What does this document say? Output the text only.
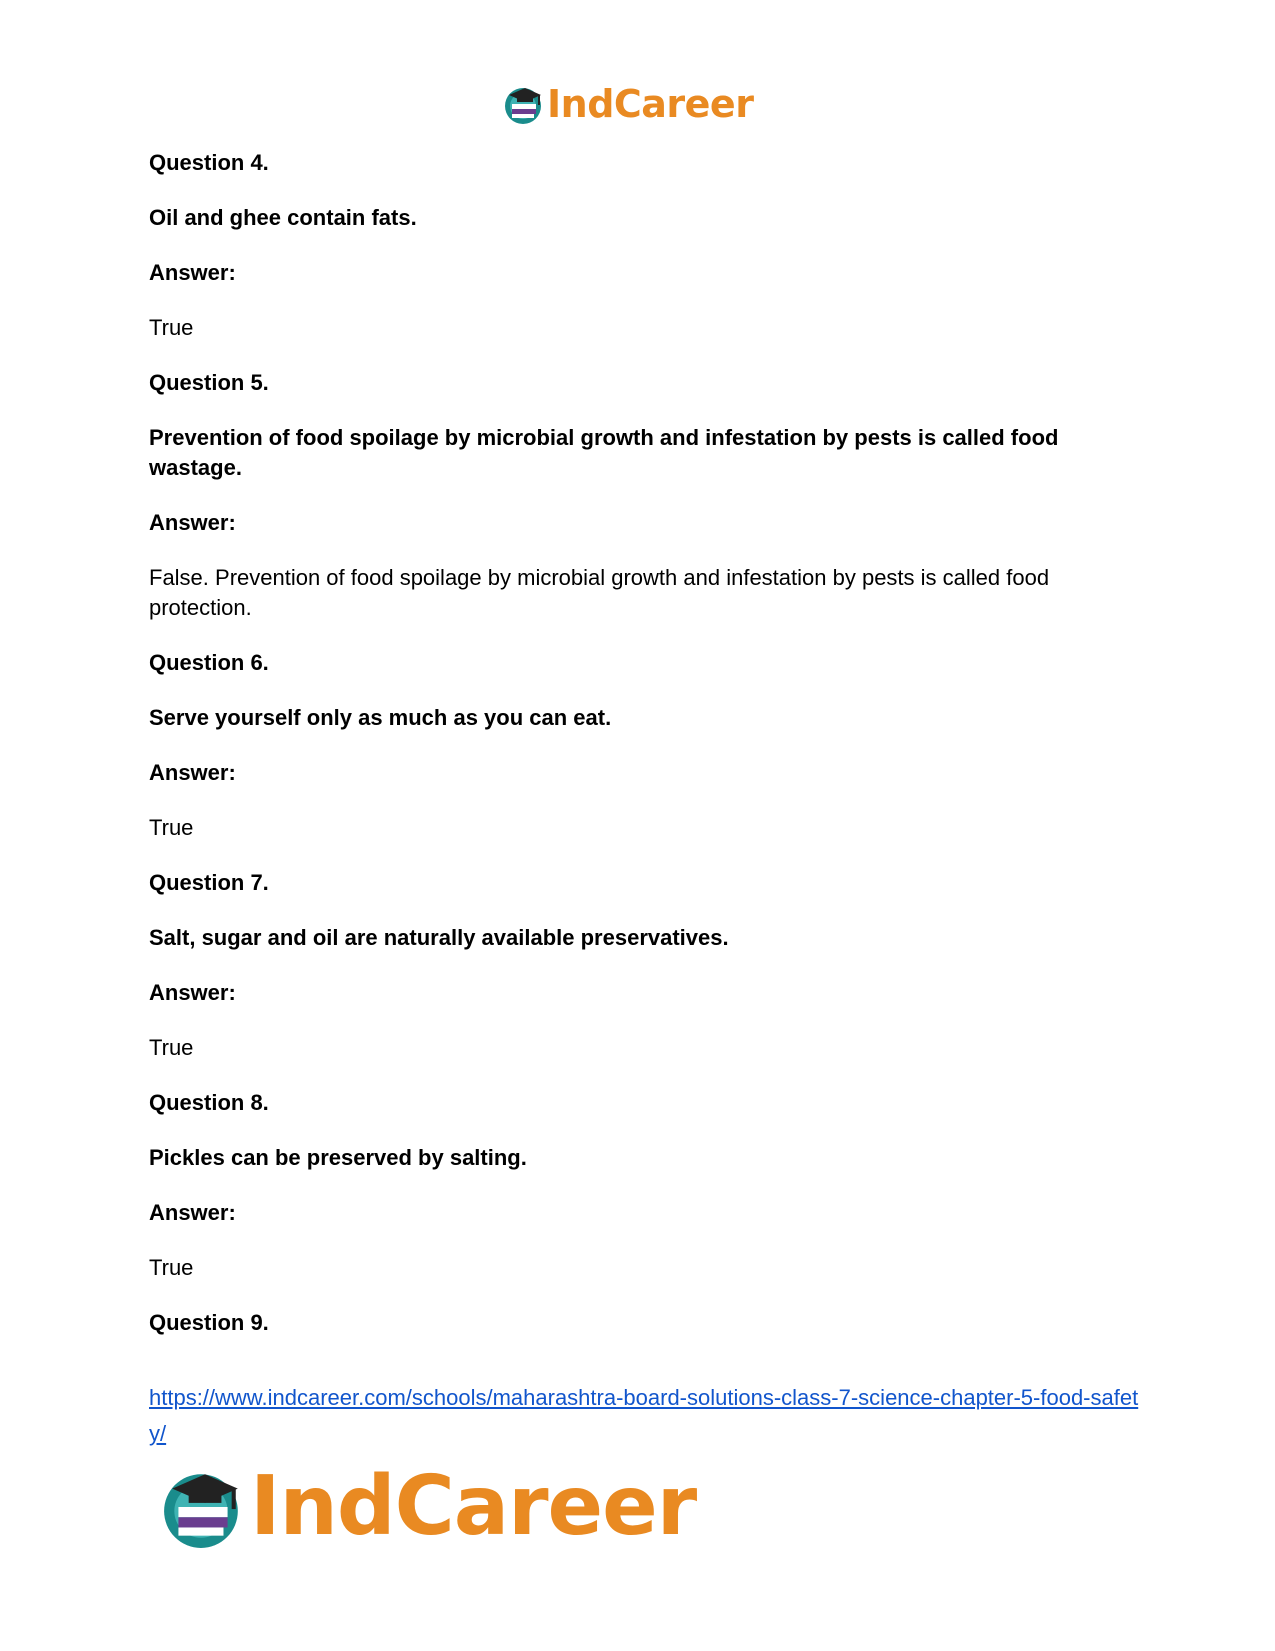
IndCareer

Question 4.

Oil and ghee contain fats.

Answer:

True

Question 5.

Prevention of food spoilage by microbial growth and infestation by pests is called food wastage.

Answer:

False. Prevention of food spoilage by microbial growth and infestation by pests is called food protection.

Question 6.

Serve yourself only as much as you can eat.

Answer:

True

Question 7.

Salt, sugar and oil are naturally available preservatives.

Answer:

True

Question 8.

Pickles can be preserved by salting.

Answer:

True

Question 9.

https://www.indcareer.com/schools/maharashtra-board-solutions-class-7-science-chapter-5-food-safety/
IndCareer
